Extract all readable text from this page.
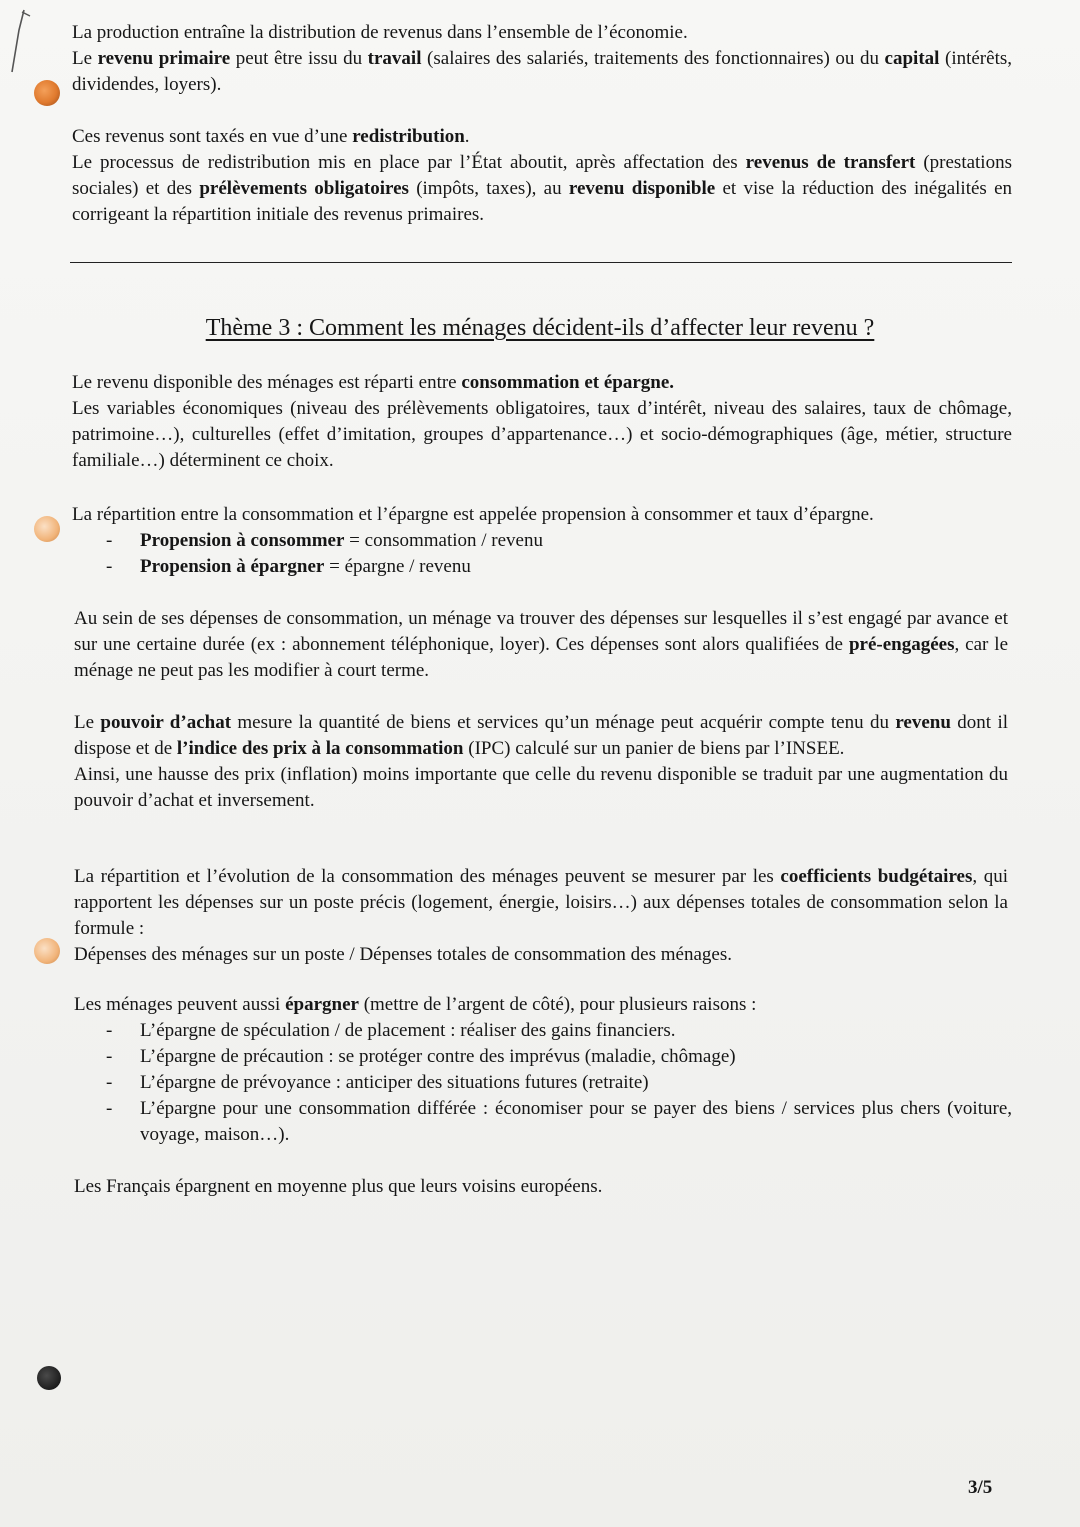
La production entraîne la distribution de revenus dans l’ensemble de l’économie.
Le revenu primaire peut être issu du travail (salaires des salariés, traitements des fonctionnaires) ou du capital (intérêts, dividendes, loyers).

Ces revenus sont taxés en vue d’une redistribution.
Le processus de redistribution mis en place par l’État aboutit, après affectation des revenus de transfert (prestations sociales) et des prélèvements obligatoires (impôts, taxes), au revenu disponible et vise la réduction des inégalités en corrigeant la répartition initiale des revenus primaires.

Thème 3 : Comment les ménages décident-ils d’affecter leur revenu ?

Le revenu disponible des ménages est réparti entre consommation et épargne.
Les variables économiques (niveau des prélèvements obligatoires, taux d’intérêt, niveau des salaires, taux de chômage, patrimoine…), culturelles (effet d’imitation, groupes d’appartenance…) et socio-démographiques (âge, métier, structure familiale…) déterminent ce choix.

La répartition entre la consommation et l’épargne est appelée propension à consommer et taux d’épargne.

- Propension à consommer = consommation / revenu
- Propension à épargner = épargne / revenu

Au sein de ses dépenses de consommation, un ménage va trouver des dépenses sur lesquelles il s’est engagé par avance et sur une certaine durée (ex : abonnement téléphonique, loyer). Ces dépenses sont alors qualifiées de pré-engagées, car le ménage ne peut pas les modifier à court terme.

Le pouvoir d’achat mesure la quantité de biens et services qu’un ménage peut acquérir compte tenu du revenu dont il dispose et de l’indice des prix à la consommation (IPC) calculé sur un panier de biens par l’INSEE.
Ainsi, une hausse des prix (inflation) moins importante que celle du revenu disponible se traduit par une augmentation du pouvoir d’achat et inversement.

La répartition et l’évolution de la consommation des ménages peuvent se mesurer par les coefficients budgétaires, qui rapportent les dépenses sur un poste précis (logement, énergie, loisirs…) aux dépenses totales de consommation selon la formule :
Dépenses des ménages sur un poste / Dépenses totales de consommation des ménages.

Les ménages peuvent aussi épargner (mettre de l’argent de côté), pour plusieurs raisons :

- L’épargne de spéculation / de placement : réaliser des gains financiers.
- L’épargne de précaution : se protéger contre des imprévus (maladie, chômage)
- L’épargne de prévoyance : anticiper des situations futures (retraite)
- L’épargne pour une consommation différée : économiser pour se payer des biens / services plus chers (voiture, voyage, maison…).

Les Français épargnent en moyenne plus que leurs voisins européens.

3/5
